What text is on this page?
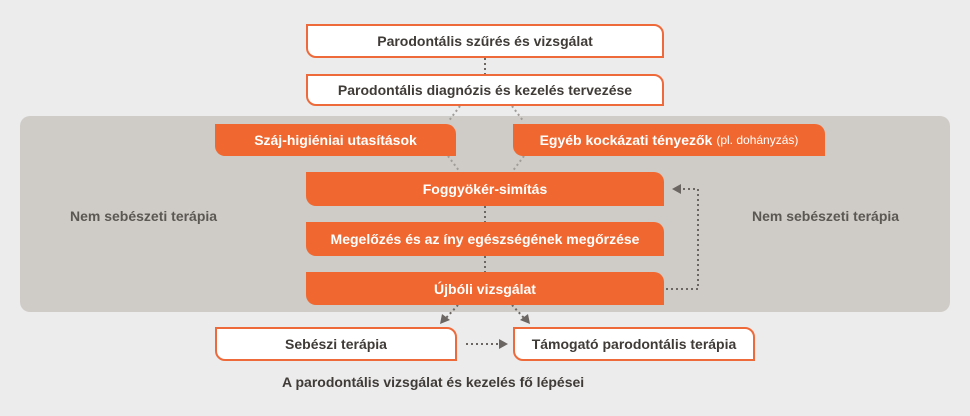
Parodontális szűrés és vizsgálat
Parodontális diagnózis és kezelés tervezése
Száj-higiéniai utasítások	Egyéb kockázati tényezők (pl. dohányzás)
Foggyökér-simítás
Megelőzés és az íny egészségének megőrzése
Újbóli vizsgálat
Sebészi terápia	Támogató parodontális terápia
Nem sebészeti terápia	Nem sebészeti terápia
A parodontális vizsgálat és kezelés fő lépései
